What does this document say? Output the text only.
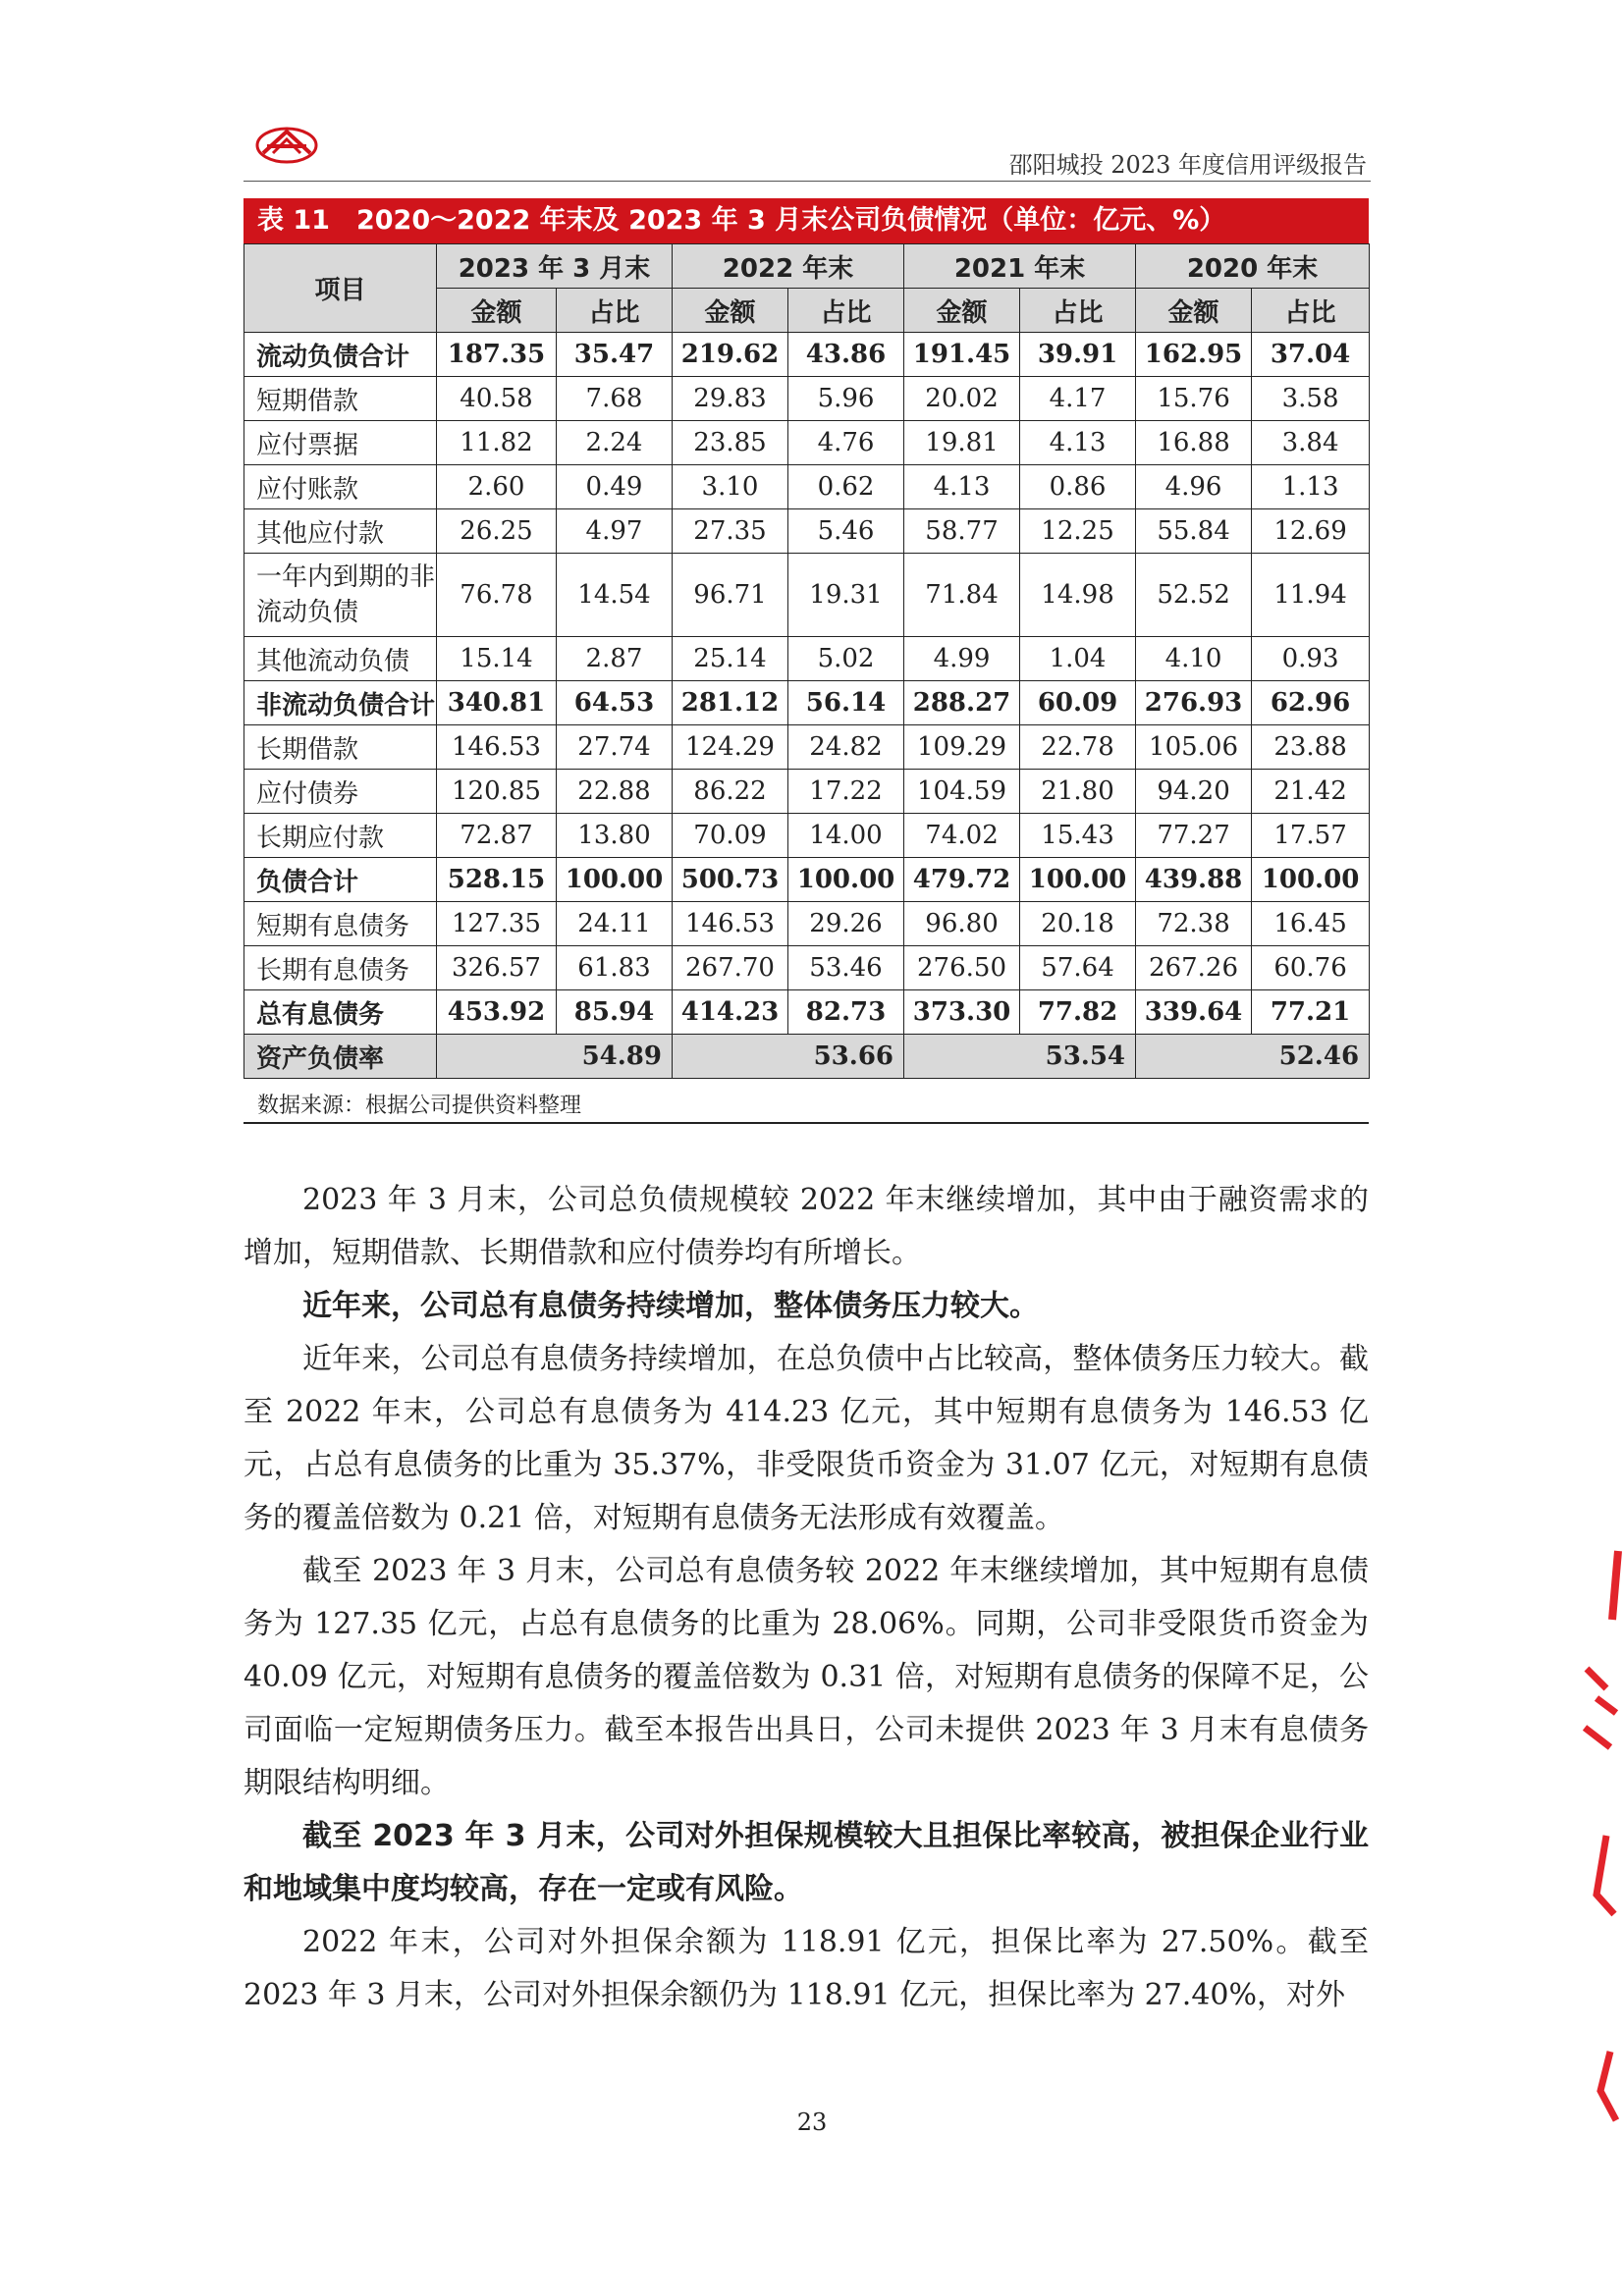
邵阳城投 2023 年度信用评级报告
表 11　2020～2022 年末及 2023 年 3 月末公司负债情况（单位：亿元、%）
项目	2023 年 3 月末		2022 年末		2021 年末		2020 年末	
	金额	占比	金额	占比	金额	占比	金额	占比
流动负债合计	187.35	35.47	219.62	43.86	191.45	39.91	162.95	37.04
短期借款	40.58	7.68	29.83	5.96	20.02	4.17	15.76	3.58
应付票据	11.82	2.24	23.85	4.76	19.81	4.13	16.88	3.84
应付账款	2.60	0.49	3.10	0.62	4.13	0.86	4.96	1.13
其他应付款	26.25	4.97	27.35	5.46	58.77	12.25	55.84	12.69
一年内到期的非流动负债	76.78	14.54	96.71	19.31	71.84	14.98	52.52	11.94
其他流动负债	15.14	2.87	25.14	5.02	4.99	1.04	4.10	0.93
非流动负债合计	340.81	64.53	281.12	56.14	288.27	60.09	276.93	62.96
长期借款	146.53	27.74	124.29	24.82	109.29	22.78	105.06	23.88
应付债券	120.85	22.88	86.22	17.22	104.59	21.80	94.20	21.42
长期应付款	72.87	13.80	70.09	14.00	74.02	15.43	77.27	17.57
负债合计	528.15	100.00	500.73	100.00	479.72	100.00	439.88	100.00
短期有息债务	127.35	24.11	146.53	29.26	96.80	20.18	72.38	16.45
长期有息债务	326.57	61.83	267.70	53.46	276.50	57.64	267.26	60.76
总有息债务	453.92	85.94	414.23	82.73	373.30	77.82	339.64	77.21
资产负债率	54.89		53.66		53.54		52.46	
数据来源：根据公司提供资料整理

2023 年 3 月末，公司总负债规模较 2022 年末继续增加，其中由于融资需求的增加，短期借款、长期借款和应付债券均有所增长。

近年来，公司总有息债务持续增加，整体债务压力较大。

近年来，公司总有息债务持续增加，在总负债中占比较高，整体债务压力较大。截至 2022 年末，公司总有息债务为 414.23 亿元，其中短期有息债务为 146.53 亿元，占总有息债务的比重为 35.37%，非受限货币资金为 31.07 亿元，对短期有息债务的覆盖倍数为 0.21 倍，对短期有息债务无法形成有效覆盖。

截至 2023 年 3 月末，公司总有息债务较 2022 年末继续增加，其中短期有息债务为 127.35 亿元，占总有息债务的比重为 28.06%。同期，公司非受限货币资金为 40.09 亿元，对短期有息债务的覆盖倍数为 0.31 倍，对短期有息债务的保障不足，公司面临一定短期债务压力。截至本报告出具日，公司未提供 2023 年 3 月末有息债务期限结构明细。

截至 2023 年 3 月末，公司对外担保规模较大且担保比率较高，被担保企业行业和地域集中度均较高，存在一定或有风险。

2022 年末，公司对外担保余额为 118.91 亿元，担保比率为 27.50%。截至 2023 年 3 月末，公司对外担保余额仍为 118.91 亿元，担保比率为 27.40%，对外

23
